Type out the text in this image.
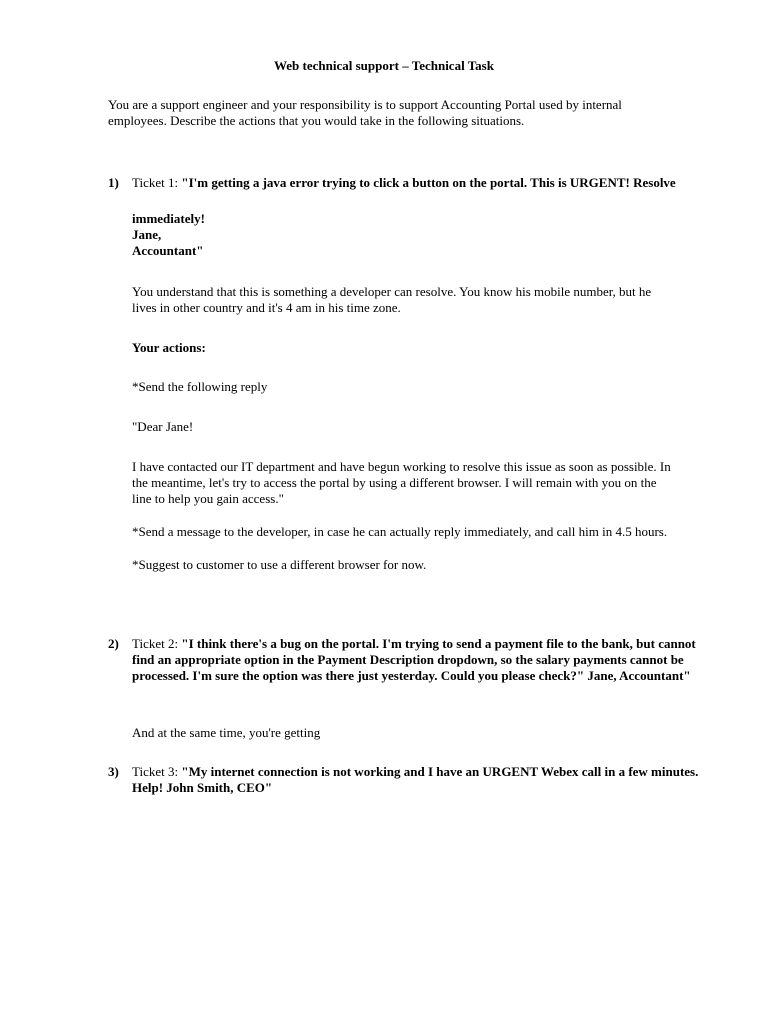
Web technical support – Technical Task

You are a support engineer and your responsibility is to support Accounting Portal used by internal employees. Describe the actions that you would take in the following situations.

1) Ticket 1: "I'm getting a java error trying to click a button on the portal. This is URGENT! Resolve
immediately!
Jane,
Accountant"

You understand that this is something a developer can resolve. You know his mobile number, but he lives in other country and it's 4 am in his time zone.

Your actions:
*Send the following reply
"Dear Jane!

I have contacted our IT department and have begun working to resolve this issue as soon as possible. In the meantime, let's try to access the portal by using a different browser. I will remain with you on the line to help you gain access."

*Send a message to the developer, in case he can actually reply immediately, and call him in 4.5 hours.

*Suggest to customer to use a different browser for now.
2) Ticket 2: "I think there's a bug on the portal. I'm trying to send a payment file to the bank, but cannot find an appropriate option in the Payment Description dropdown, so the salary payments cannot be processed. I'm sure the option was there just yesterday. Could you please check?" Jane, Accountant"
And at the same time, you're getting
3) Ticket 3: "My internet connection is not working and I have an URGENT Webex call in a few minutes. Help! John Smith, CEO"
